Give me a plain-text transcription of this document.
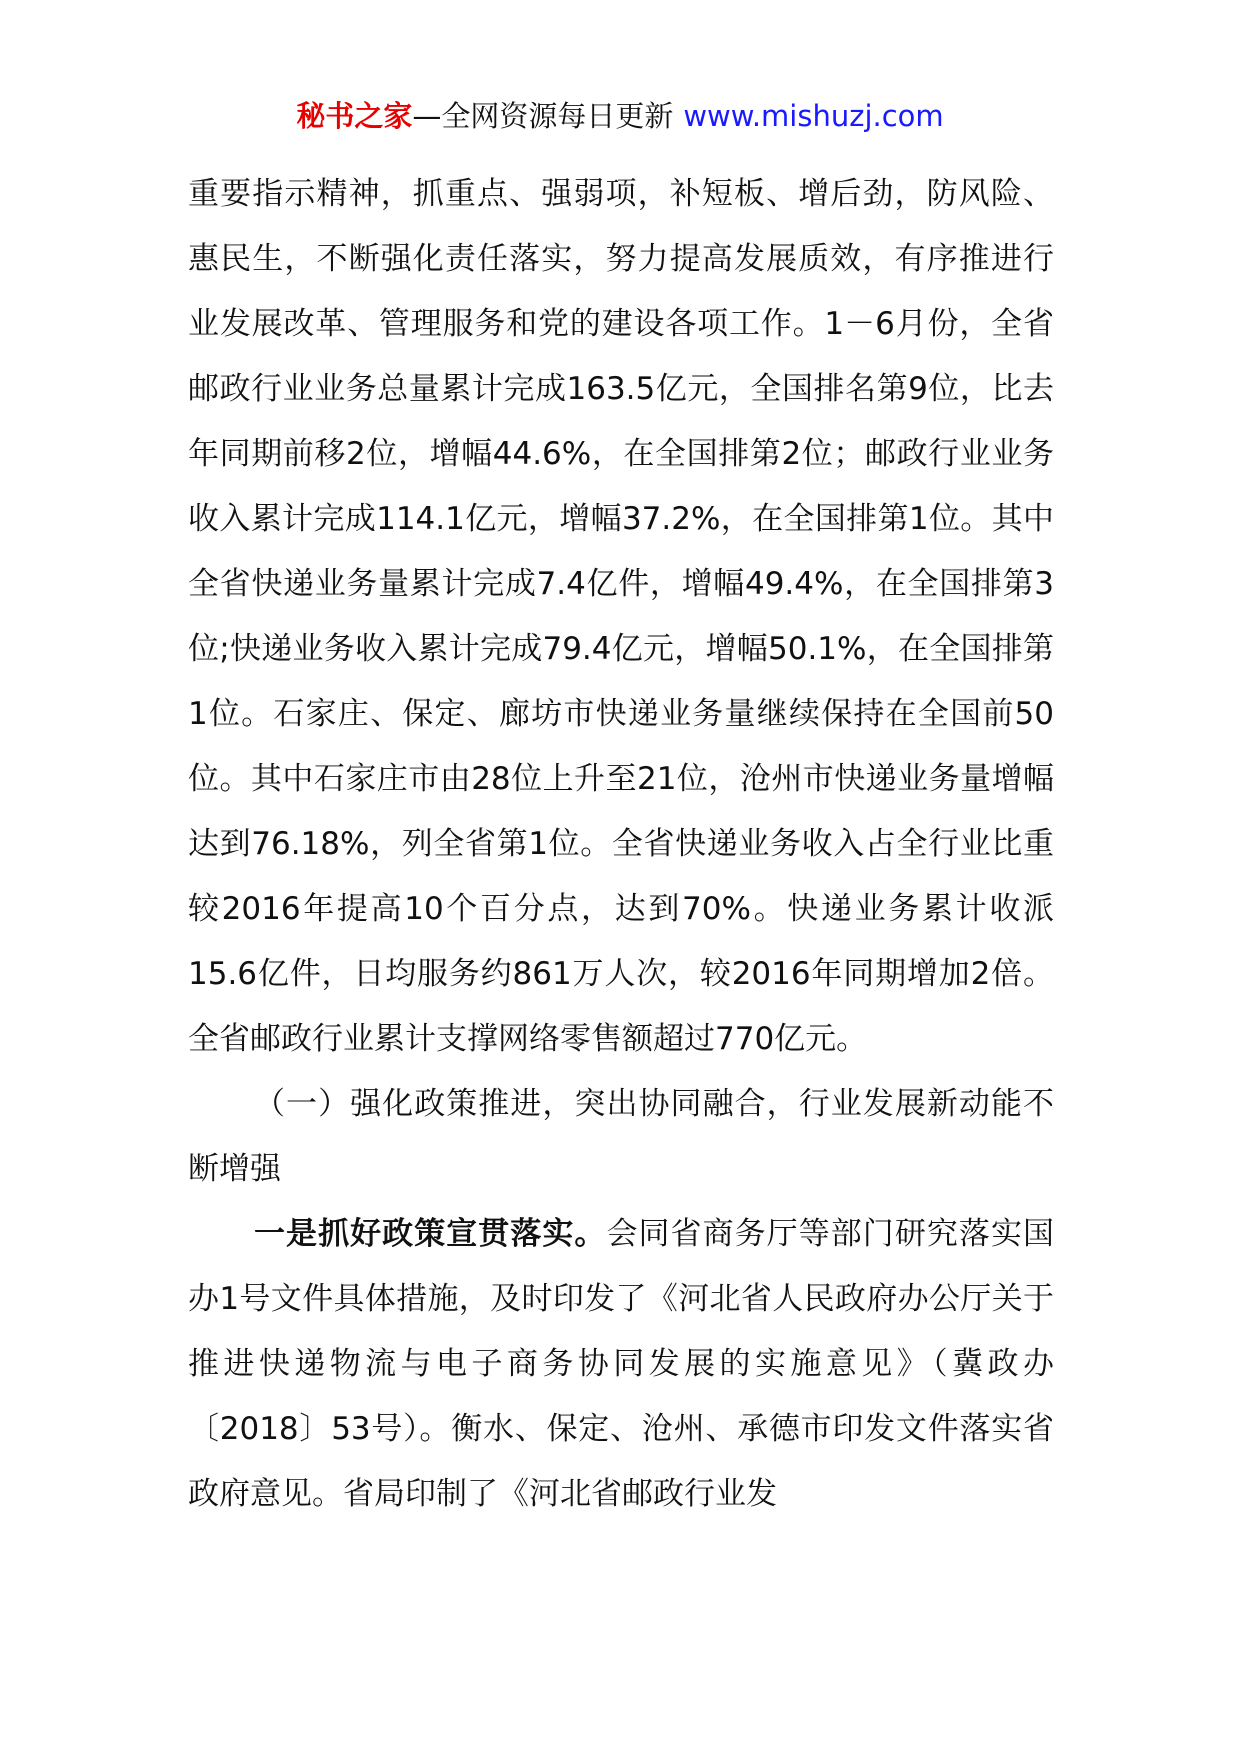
秘书之家—全网资源每日更新 www.mishuzj.com

重要指示精神，抓重点、强弱项，补短板、增后劲，防风险、惠民生，不断强化责任落实，努力提高发展质效，有序推进行业发展改革、管理服务和党的建设各项工作。1－6月份，全省邮政行业业务总量累计完成163.5亿元，全国排名第9位，比去年同期前移2位，增幅44.6%，在全国排第2位；邮政行业业务收入累计完成114.1亿元，增幅37.2%，在全国排第1位。其中全省快递业务量累计完成7.4亿件，增幅49.4%，在全国排第3位;快递业务收入累计完成79.4亿元，增幅50.1%，在全国排第1位。石家庄、保定、廊坊市快递业务量继续保持在全国前50位。其中石家庄市由28位上升至21位，沧州市快递业务量增幅达到76.18%，列全省第1位。全省快递业务收入占全行业比重较2016年提高10个百分点，达到70%。快递业务累计收派15.6亿件，日均服务约861万人次，较2016年同期增加2倍。全省邮政行业累计支撑网络零售额超过770亿元。

（一）强化政策推进，突出协同融合，行业发展新动能不断增强

一是抓好政策宣贯落实。会同省商务厅等部门研究落实国办1号文件具体措施，及时印发了《河北省人民政府办公厅关于推进快递物流与电子商务协同发展的实施意见》（冀政办〔2018〕53号）。衡水、保定、沧州、承德市印发文件落实省政府意见。省局印制了《河北省邮政行业发
